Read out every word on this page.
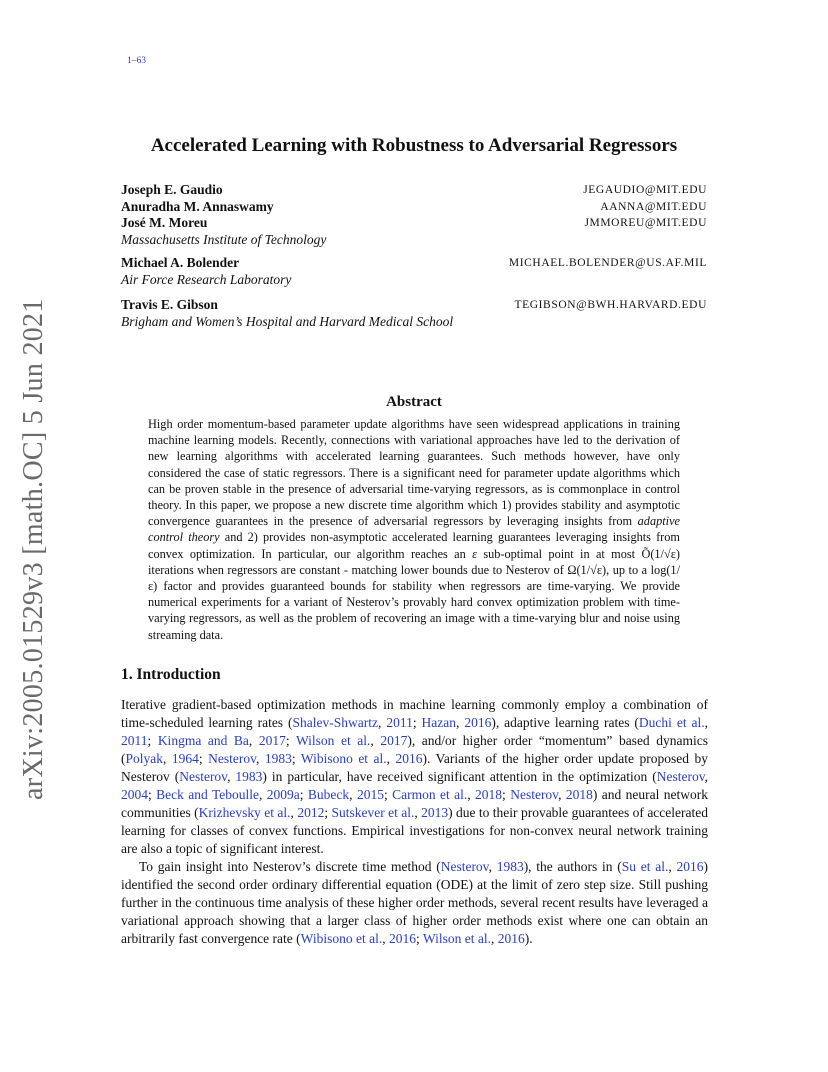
1–63
arXiv:2005.01529v3 [math.OC] 5 Jun 2021
Accelerated Learning with Robustness to Adversarial Regressors
Joseph E. Gaudio	JEGAUDIO@MIT.EDU
Anuradha M. Annaswamy	AANNA@MIT.EDU
José M. Moreu	JMMOREU@MIT.EDU
Massachusetts Institute of Technology
Michael A. Bolender	MICHAEL.BOLENDER@US.AF.MIL
Air Force Research Laboratory
Travis E. Gibson	TEGIBSON@BWH.HARVARD.EDU
Brigham and Women’s Hospital and Harvard Medical School
Abstract
High order momentum-based parameter update algorithms have seen widespread applications in training machine learning models. Recently, connections with variational approaches have led to the derivation of new learning algorithms with accelerated learning guarantees. Such methods however, have only considered the case of static regressors. There is a significant need for parameter update algorithms which can be proven stable in the presence of adversarial time-varying regressors, as is commonplace in control theory. In this paper, we propose a new discrete time algorithm which 1) provides stability and asymptotic convergence guarantees in the presence of adversarial regressors by leveraging insights from adaptive control theory and 2) provides non-asymptotic accelerated learning guarantees leveraging insights from convex optimization. In particular, our algorithm reaches an ε sub-optimal point in at most Õ(1/√ε) iterations when regressors are constant - matching lower bounds due to Nesterov of Ω(1/√ε), up to a log(1/ε) factor and provides guaranteed bounds for stability when regressors are time-varying. We provide numerical experiments for a variant of Nesterov’s provably hard convex optimization problem with time-varying regressors, as well as the problem of recovering an image with a time-varying blur and noise using streaming data.
1. Introduction

Iterative gradient-based optimization methods in machine learning commonly employ a combination of time-scheduled learning rates (Shalev-Shwartz, 2011; Hazan, 2016), adaptive learning rates (Duchi et al., 2011; Kingma and Ba, 2017; Wilson et al., 2017), and/or higher order “momentum” based dynamics (Polyak, 1964; Nesterov, 1983; Wibisono et al., 2016). Variants of the higher order update proposed by Nesterov (Nesterov, 1983) in particular, have received significant attention in the optimization (Nesterov, 2004; Beck and Teboulle, 2009a; Bubeck, 2015; Carmon et al., 2018; Nesterov, 2018) and neural network communities (Krizhevsky et al., 2012; Sutskever et al., 2013) due to their provable guarantees of accelerated learning for classes of convex functions. Empirical investigations for non-convex neural network training are also a topic of significant interest.

To gain insight into Nesterov’s discrete time method (Nesterov, 1983), the authors in (Su et al., 2016) identified the second order ordinary differential equation (ODE) at the limit of zero step size. Still pushing further in the continuous time analysis of these higher order methods, several recent results have leveraged a variational approach showing that a larger class of higher order methods exist where one can obtain an arbitrarily fast convergence rate (Wibisono et al., 2016; Wilson et al., 2016).
